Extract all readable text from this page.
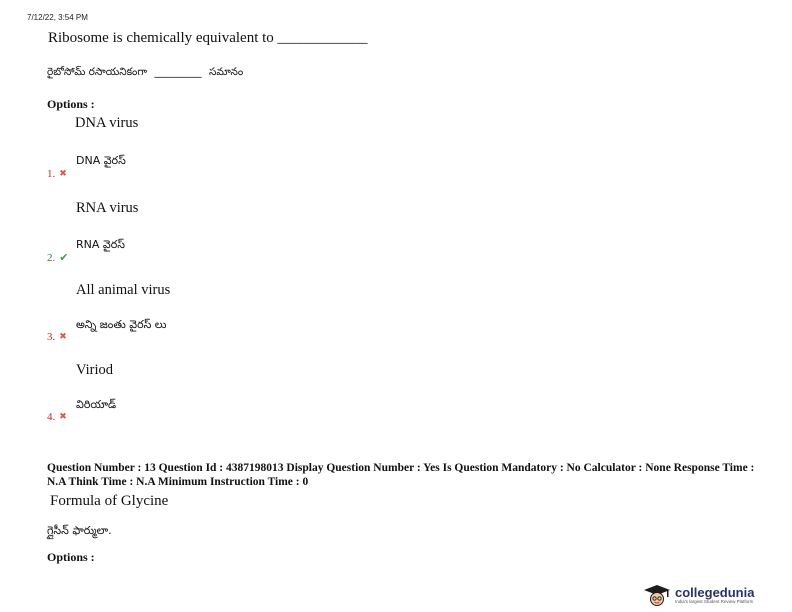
7/12/22, 3:54 PM
Ribosome is chemically equivalent to ____________
రైబోసోమ్ రసాయనికంగా _________ సమానం
Options :
DNA virus
DNA వైరస్
1. ✖
RNA virus
RNA వైరస్
2. ✔
All animal virus
అన్ని జంతు వైరస్ లు
3. ✖
Viriod
విరియాడ్
4. ✖
Question Number : 13 Question Id : 4387198013 Display Question Number : Yes Is Question Mandatory : No Calculator : None Response Time : N.A Think Time : N.A Minimum Instruction Time : 0
Formula of Glycine
గ్లైసీన్ ఫార్ములా.
Options :
collegedunia
India's largest Student Review Platform
